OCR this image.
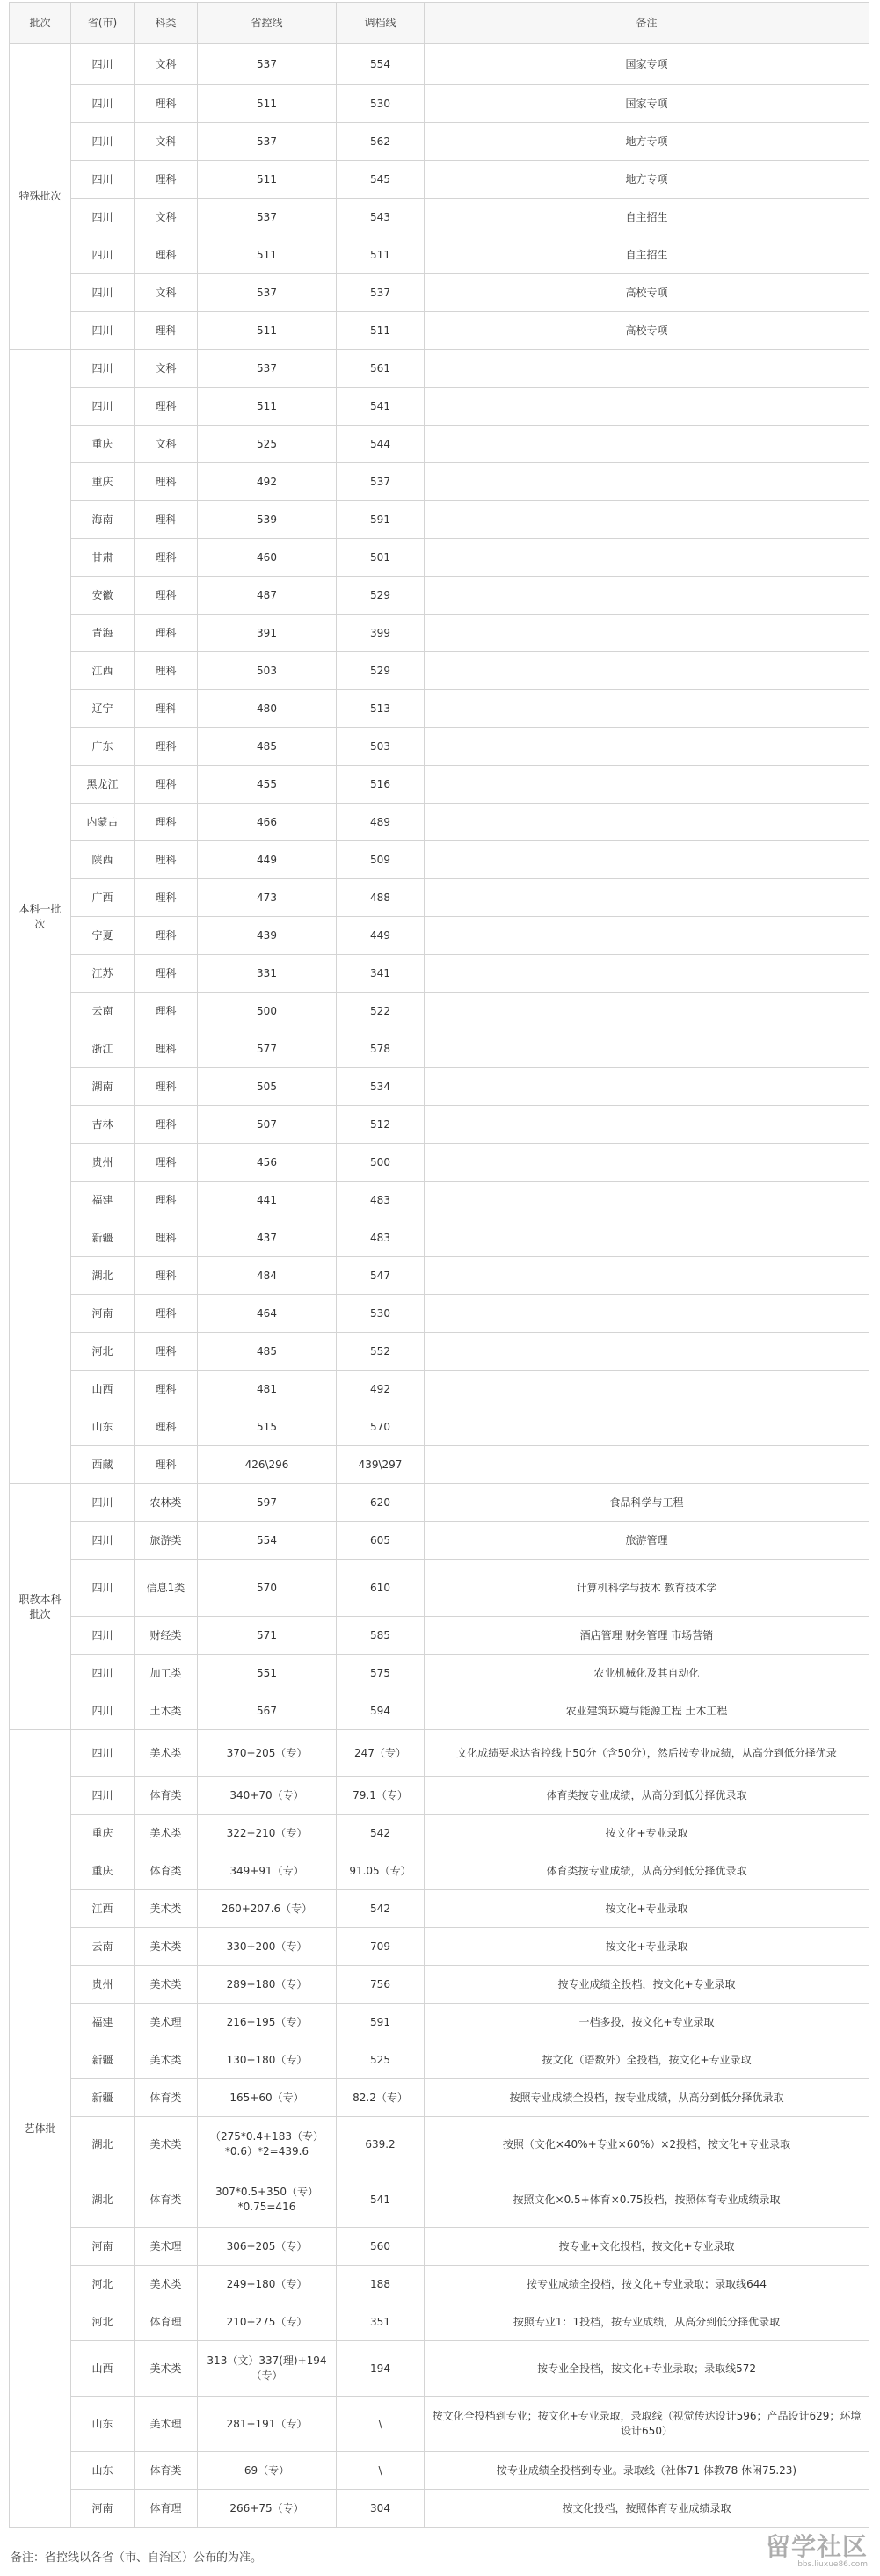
批次	省(市)	科类	省控线	调档线	备注
特殊批次	四川	文科	537	554	国家专项
	四川	理科	511	530	国家专项
	四川	文科	537	562	地方专项
	四川	理科	511	545	地方专项
	四川	文科	537	543	自主招生
	四川	理科	511	511	自主招生
	四川	文科	537	537	高校专项
	四川	理科	511	511	高校专项
本科一批次	四川	文科	537	561	
	四川	理科	511	541	
	重庆	文科	525	544	
	重庆	理科	492	537	
	海南	理科	539	591	
	甘肃	理科	460	501	
	安徽	理科	487	529	
	青海	理科	391	399	
	江西	理科	503	529	
	辽宁	理科	480	513	
	广东	理科	485	503	
	黑龙江	理科	455	516	
	内蒙古	理科	466	489	
	陕西	理科	449	509	
	广西	理科	473	488	
	宁夏	理科	439	449	
	江苏	理科	331	341	
	云南	理科	500	522	
	浙江	理科	577	578	
	湖南	理科	505	534	
	吉林	理科	507	512	
	贵州	理科	456	500	
	福建	理科	441	483	
	新疆	理科	437	483	
	湖北	理科	484	547	
	河南	理科	464	530	
	河北	理科	485	552	
	山西	理科	481	492	
	山东	理科	515	570	
	西藏	理科	426\296	439\297	
职教本科批次	四川	农林类	597	620	食品科学与工程
	四川	旅游类	554	605	旅游管理
	四川	信息1类	570	610	计算机科学与技术 教育技术学
	四川	财经类	571	585	酒店管理 财务管理 市场营销
	四川	加工类	551	575	农业机械化及其自动化
	四川	土木类	567	594	农业建筑环境与能源工程 土木工程
艺体批	四川	美术类	370+205（专）	247（专）	文化成绩要求达省控线上50分（含50分），然后按专业成绩，从高分到低分择优录
	四川	体育类	340+70（专）	79.1（专）	体育类按专业成绩，从高分到低分择优录取
	重庆	美术类	322+210（专）	542	按文化+专业录取
	重庆	体育类	349+91（专）	91.05（专）	体育类按专业成绩，从高分到低分择优录取
	江西	美术类	260+207.6（专）	542	按文化+专业录取
	云南	美术类	330+200（专）	709	按文化+专业录取
	贵州	美术类	289+180（专）	756	按专业成绩全投档，按文化+专业录取
	福建	美术理	216+195（专）	591	一档多投，按文化+专业录取
	新疆	美术类	130+180（专）	525	按文化（语数外）全投档，按文化+专业录取
	新疆	体育类	165+60（专）	82.2（专）	按照专业成绩全投档，按专业成绩，从高分到低分择优录取
	湖北	美术类	（275*0.4+183（专）*0.6）*2=439.6	639.2	按照（文化×40%+专业×60%）×2投档，按文化+专业录取
	湖北	体育类	307*0.5+350（专）*0.75=416	541	按照文化×0.5+体育×0.75投档，按照体育专业成绩录取
	河南	美术理	306+205（专）	560	按专业+文化投档，按文化+专业录取
	河北	美术类	249+180（专）	188	按专业成绩全投档，按文化+专业录取；录取线644
	河北	体育理	210+275（专）	351	按照专业1：1投档，按专业成绩，从高分到低分择优录取
	山西	美术类	313（文）337(理)+194（专）	194	按专业全投档，按文化+专业录取；录取线572
	山东	美术理	281+191（专）	\	按文化全投档到专业；按文化+专业录取，录取线（视觉传达设计596；产品设计629；环境设计650）
	山东	体育类	69（专）	\	按专业成绩全投档到专业。录取线（社体71 体教78 休闲75.23)
	河南	体育理	266+75（专）	304	按文化投档，按照体育专业成绩录取
备注：省控线以各省（市、自治区）公布的为准。	留学社区
bbs.liuxue86.com
